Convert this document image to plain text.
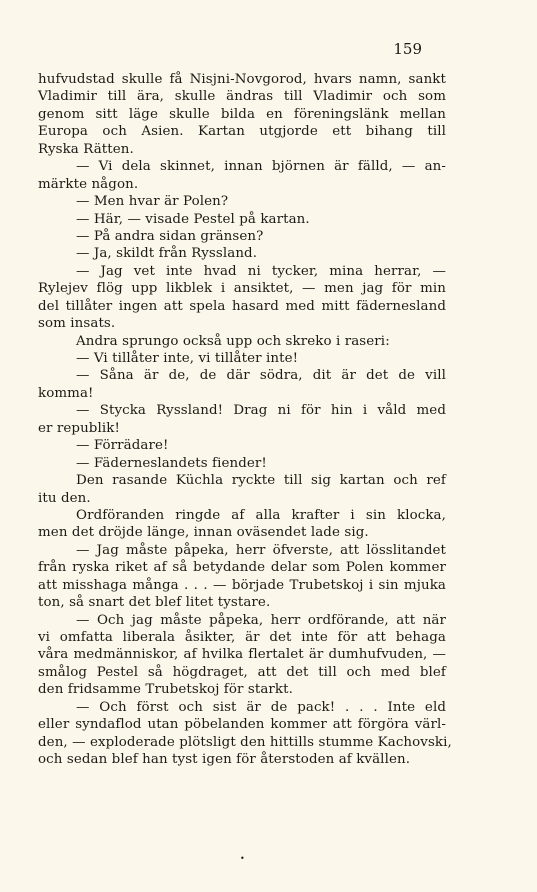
159
hufvudstad skulle få Nisjni-Novgorod, hvars namn, sankt
Vladimir till ära, skulle ändras till Vladimir och som
genom sitt läge skulle bilda en föreningslänk mellan
Europa och Asien. Kartan utgjorde ett bihang till
Ryska Rätten.
— Vi dela skinnet, innan björnen är fälld, — an-
märkte någon.
— Men hvar är Polen?
— Här, — visade Pestel på kartan.
— På andra sidan gränsen?
— Ja, skildt från Ryssland.
— Jag vet inte hvad ni tycker, mina herrar, —
Rylejev flög upp likblek i ansiktet, — men jag för min
del tillåter ingen att spela hasard med mitt fädernesland
som insats.
Andra sprungo också upp och skreko i raseri:
— Vi tillåter inte, vi tillåter inte!
— Såna är de, de där södra, dit är det de vill
komma!
— Stycka Ryssland! Drag ni för hin i våld med
er republik!
— Förrädare!
— Fäderneslandets fiender!
Den rasande Küchla ryckte till sig kartan och ref
itu den.
Ordföranden ringde af alla krafter i sin klocka,
men det dröjde länge, innan oväsendet lade sig.
— Jag måste påpeka, herr öfverste, att lösslitandet
från ryska riket af så betydande delar som Polen kommer
att misshaga många . . . — började Trubetskoj i sin mjuka
ton, så snart det blef litet tystare.
— Och jag måste påpeka, herr ordförande, att när
vi omfatta liberala åsikter, är det inte för att behaga
våra medmänniskor, af hvilka flertalet är dumhufvuden, —
smålog Pestel så högdraget, att det till och med blef
den fridsamme Trubetskoj för starkt.
— Och först och sist är de pack! . . . Inte eld
eller syndaflod utan pöbelanden kommer att förgöra värl-
den, — exploderade plötsligt den hittills stumme Kachovski,
och sedan blef han tyst igen för återstoden af kvällen.
•
